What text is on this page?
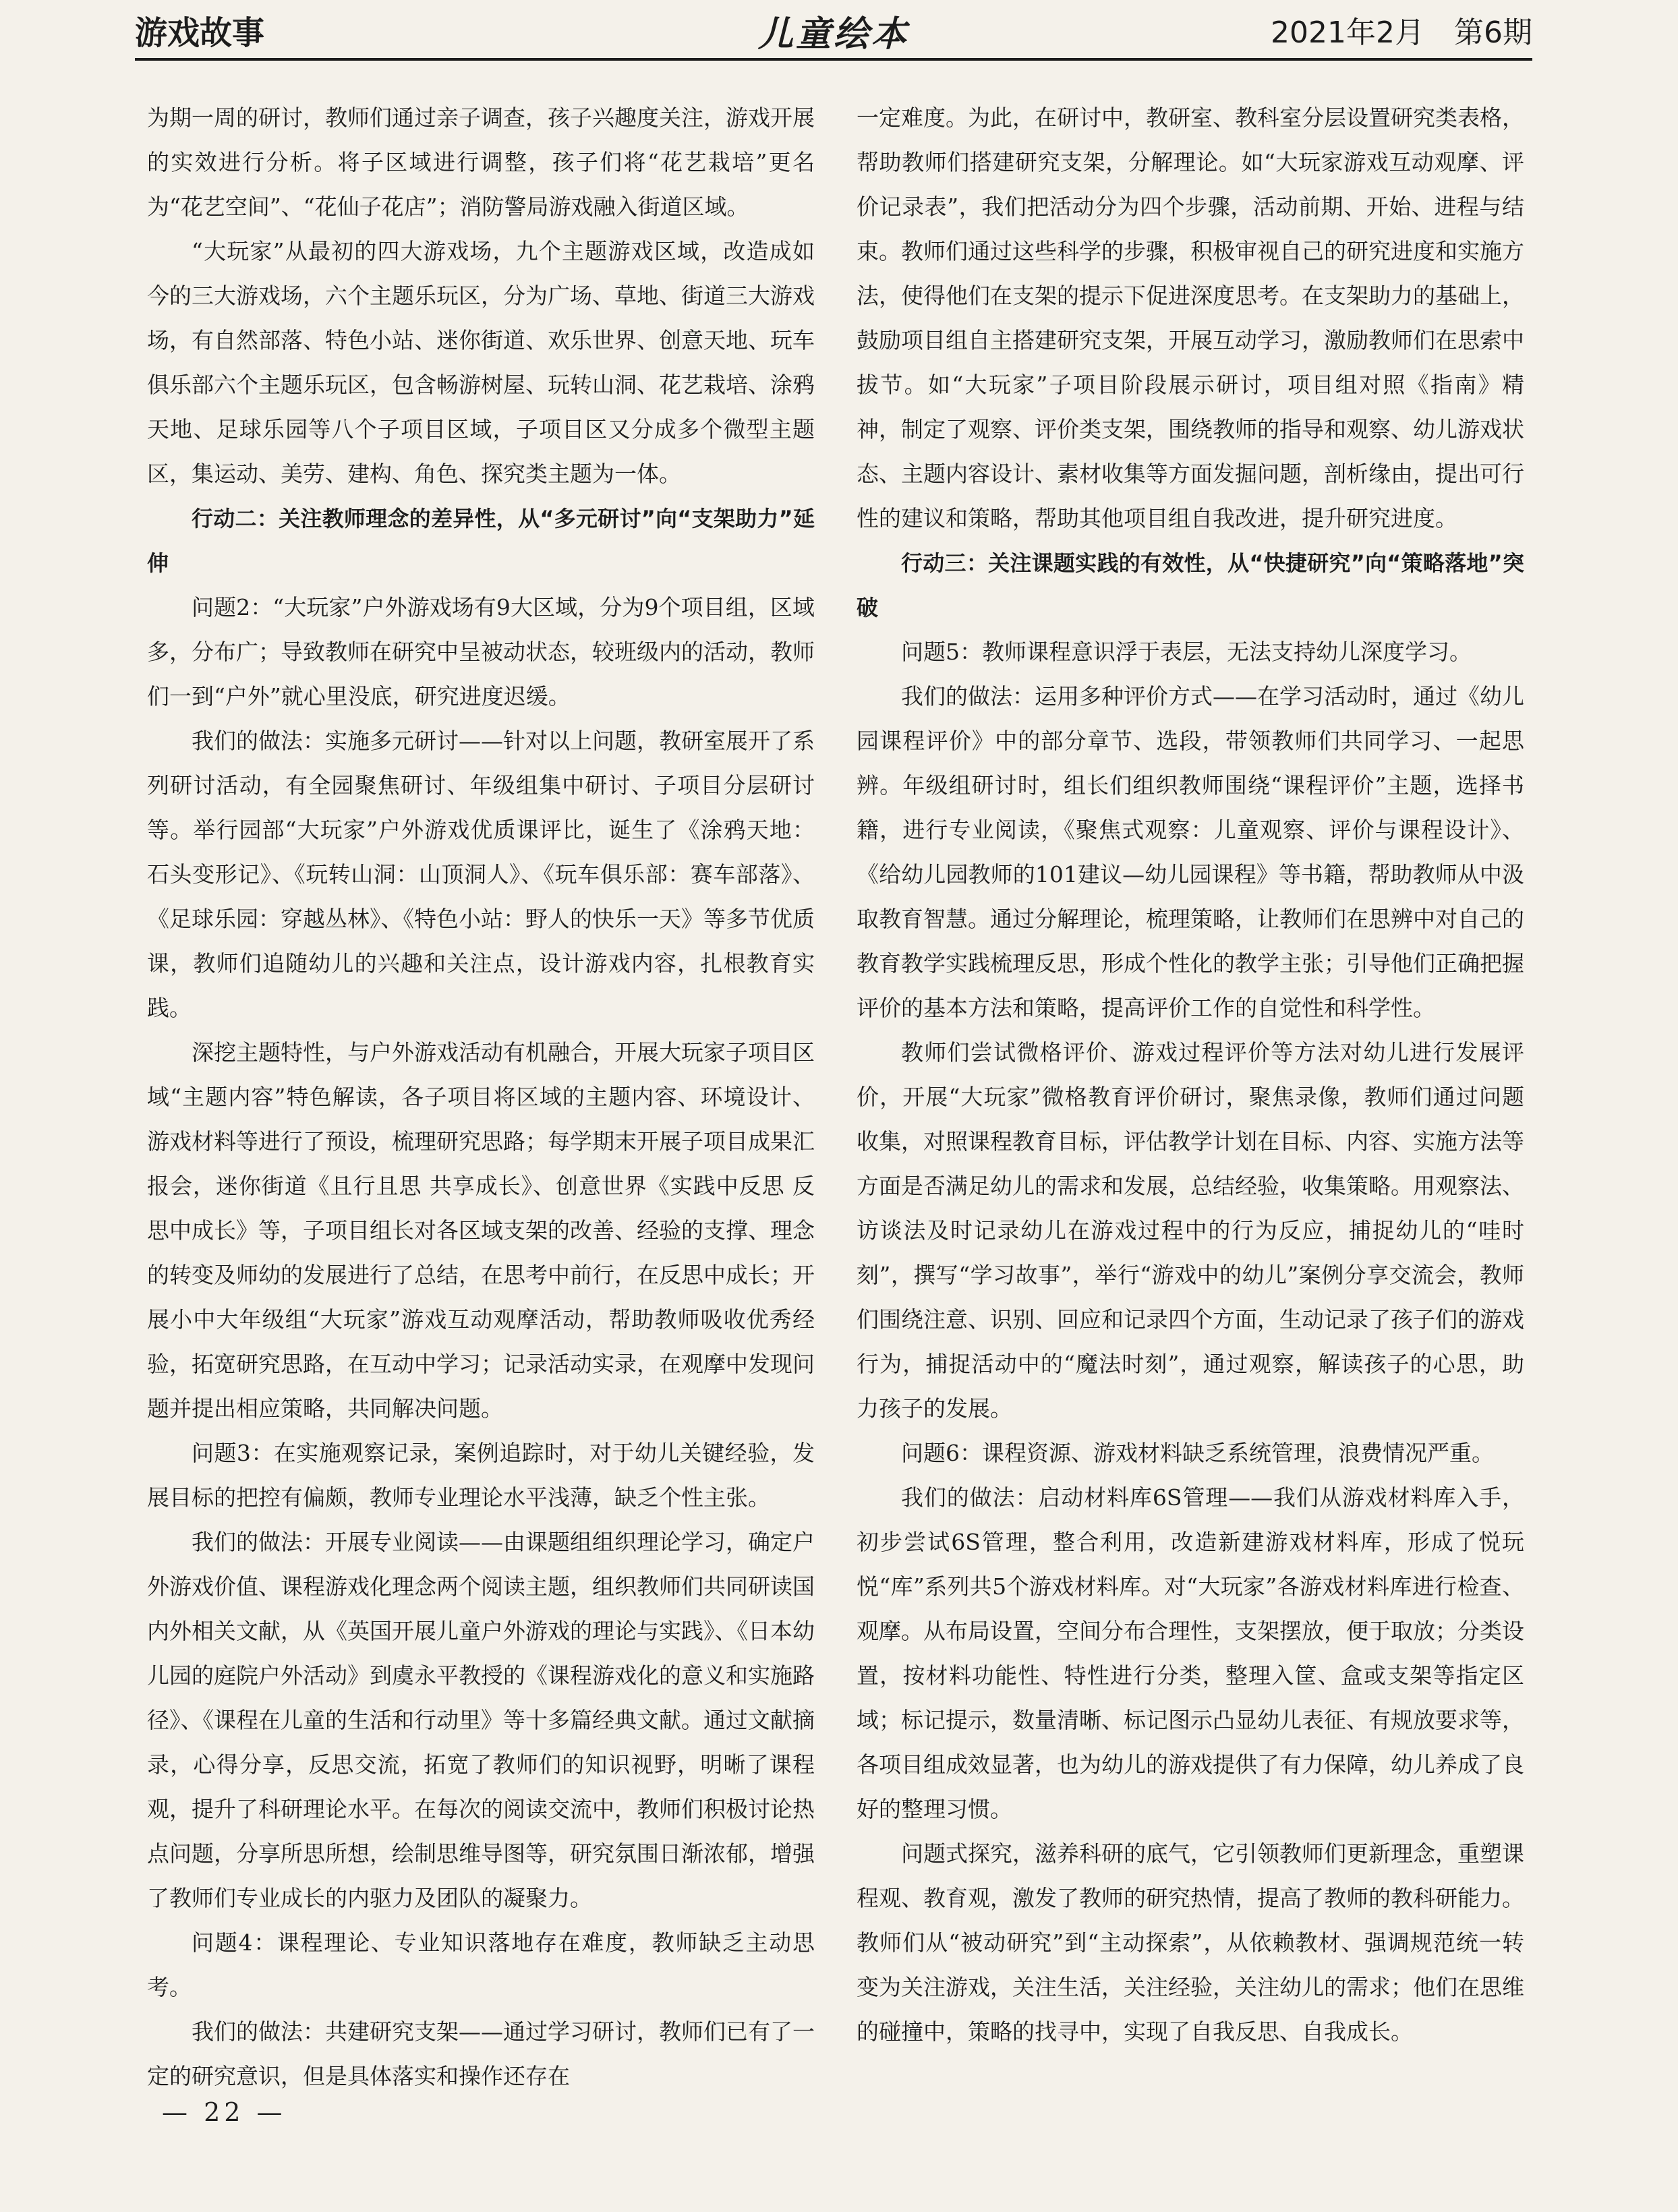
游戏故事	儿童绘本	2021年2月　第6期

为期一周的研讨，教师们通过亲子调查，孩子兴趣度关注，游戏开展的实效进行分析。将子区域进行调整，孩子们将“花艺栽培”更名为“花艺空间”、“花仙子花店”；消防警局游戏融入街道区域。

“大玩家”从最初的四大游戏场，九个主题游戏区域，改造成如今的三大游戏场，六个主题乐玩区，分为广场、草地、街道三大游戏场，有自然部落、特色小站、迷你街道、欢乐世界、创意天地、玩车俱乐部六个主题乐玩区，包含畅游树屋、玩转山洞、花艺栽培、涂鸦天地、足球乐园等八个子项目区域，子项目区又分成多个微型主题区，集运动、美劳、建构、角色、探究类主题为一体。

行动二：关注教师理念的差异性，从“多元研讨”向“支架助力”延伸

问题2：“大玩家”户外游戏场有9大区域，分为9个项目组，区域多，分布广；导致教师在研究中呈被动状态，较班级内的活动，教师们一到“户外”就心里没底，研究进度迟缓。

我们的做法：实施多元研讨——针对以上问题，教研室展开了系列研讨活动，有全园聚焦研讨、年级组集中研讨、子项目分层研讨等。举行园部“大玩家”户外游戏优质课评比，诞生了《涂鸦天地：石头变形记》、《玩转山洞：山顶洞人》、《玩车俱乐部：赛车部落》、《足球乐园：穿越丛林》、《特色小站：野人的快乐一天》等多节优质课，教师们追随幼儿的兴趣和关注点，设计游戏内容，扎根教育实践。

深挖主题特性，与户外游戏活动有机融合，开展大玩家子项目区域“主题内容”特色解读，各子项目将区域的主题内容、环境设计、游戏材料等进行了预设，梳理研究思路；每学期末开展子项目成果汇报会，迷你街道《且行且思 共享成长》、创意世界《实践中反思 反思中成长》等，子项目组长对各区域支架的改善、经验的支撑、理念的转变及师幼的发展进行了总结，在思考中前行，在反思中成长；开展小中大年级组“大玩家”游戏互动观摩活动，帮助教师吸收优秀经验，拓宽研究思路，在互动中学习；记录活动实录，在观摩中发现问题并提出相应策略，共同解决问题。

问题3：在实施观察记录，案例追踪时，对于幼儿关键经验，发展目标的把控有偏颇，教师专业理论水平浅薄，缺乏个性主张。

我们的做法：开展专业阅读——由课题组组织理论学习，确定户外游戏价值、课程游戏化理念两个阅读主题，组织教师们共同研读国内外相关文献，从《英国开展儿童户外游戏的理论与实践》、《日本幼儿园的庭院户外活动》到虞永平教授的《课程游戏化的意义和实施路径》、《课程在儿童的生活和行动里》等十多篇经典文献。通过文献摘录，心得分享，反思交流，拓宽了教师们的知识视野，明晰了课程观，提升了科研理论水平。在每次的阅读交流中，教师们积极讨论热点问题，分享所思所想，绘制思维导图等，研究氛围日渐浓郁，增强了教师们专业成长的内驱力及团队的凝聚力。

问题4：课程理论、专业知识落地存在难度，教师缺乏主动思考。

我们的做法：共建研究支架——通过学习研讨，教师们已有了一定的研究意识，但是具体落实和操作还存在

一定难度。为此，在研讨中，教研室、教科室分层设置研究类表格，帮助教师们搭建研究支架，分解理论。如“大玩家游戏互动观摩、评价记录表”，我们把活动分为四个步骤，活动前期、开始、进程与结束。教师们通过这些科学的步骤，积极审视自己的研究进度和实施方法，使得他们在支架的提示下促进深度思考。在支架助力的基础上，鼓励项目组自主搭建研究支架，开展互动学习，激励教师们在思索中拔节。如“大玩家”子项目阶段展示研讨，项目组对照《指南》精神，制定了观察、评价类支架，围绕教师的指导和观察、幼儿游戏状态、主题内容设计、素材收集等方面发掘问题，剖析缘由，提出可行性的建议和策略，帮助其他项目组自我改进，提升研究进度。

行动三：关注课题实践的有效性，从“快捷研究”向“策略落地”突破

问题5：教师课程意识浮于表层，无法支持幼儿深度学习。

我们的做法：运用多种评价方式——在学习活动时，通过《幼儿园课程评价》中的部分章节、选段，带领教师们共同学习、一起思辨。年级组研讨时，组长们组织教师围绕“课程评价”主题，选择书籍，进行专业阅读，《聚焦式观察：儿童观察、评价与课程设计》、《给幼儿园教师的101建议—幼儿园课程》等书籍，帮助教师从中汲取教育智慧。通过分解理论，梳理策略，让教师们在思辨中对自己的教育教学实践梳理反思，形成个性化的教学主张；引导他们正确把握评价的基本方法和策略，提高评价工作的自觉性和科学性。

教师们尝试微格评价、游戏过程评价等方法对幼儿进行发展评价，开展“大玩家”微格教育评价研讨，聚焦录像，教师们通过问题收集，对照课程教育目标，评估教学计划在目标、内容、实施方法等方面是否满足幼儿的需求和发展，总结经验，收集策略。用观察法、访谈法及时记录幼儿在游戏过程中的行为反应，捕捉幼儿的“哇时刻”，撰写“学习故事”，举行“游戏中的幼儿”案例分享交流会，教师们围绕注意、识别、回应和记录四个方面，生动记录了孩子们的游戏行为，捕捉活动中的“魔法时刻”，通过观察，解读孩子的心思，助力孩子的发展。

问题6：课程资源、游戏材料缺乏系统管理，浪费情况严重。

我们的做法：启动材料库6S管理——我们从游戏材料库入手，初步尝试6S管理，整合利用，改造新建游戏材料库，形成了悦玩悦“库”系列共5个游戏材料库。对“大玩家”各游戏材料库进行检查、观摩。从布局设置，空间分布合理性，支架摆放，便于取放；分类设置，按材料功能性、特性进行分类，整理入筐、盒或支架等指定区域；标记提示，数量清晰、标记图示凸显幼儿表征、有规放要求等，各项目组成效显著，也为幼儿的游戏提供了有力保障，幼儿养成了良好的整理习惯。

问题式探究，滋养科研的底气，它引领教师们更新理念，重塑课程观、教育观，激发了教师的研究热情，提高了教师的教科研能力。教师们从“被动研究”到“主动探索”，从依赖教材、强调规范统一转变为关注游戏，关注生活，关注经验，关注幼儿的需求；他们在思维的碰撞中，策略的找寻中，实现了自我反思、自我成长。

— 22 —
